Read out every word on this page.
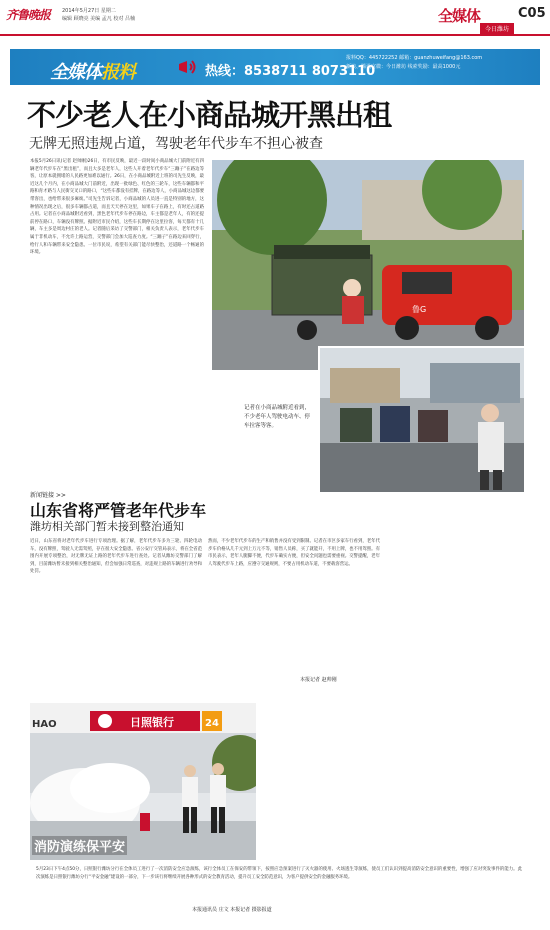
齐鲁晚报	2014年5月27日 星期二
编辑 顾晓亮 美编 孟凡 校对 吕楠	全媒体	C05
今日潍坊
全媒体报料	热线：8538711 8073110
报料QQ：445722252 邮箱：guanzhuweifang@163.com
新浪、腾讯官微：今日潍坊 线索奖励：最高1000元
不少老人在小商品城开黑出租
无牌无照违规占道，驾驶老年代步车不担心被查
本报5月26日讯(记者 赵帅刚)26日，有市民反映，最近一段时间小商品城大门前附近有四辆老年代步车在“黑出租”，而且大多是老年人，这些人开着老年代步车“三蹦子”在路边等客，让原本就拥堵的人民路更加难以通行。26日，在小商品城附近上班的司先生反映，最近这几个月内，在小商品城大门前附近，出现一批绿色、红色的三轮车，这些车辆都和平路和育才路与人民街交叉口的路口，“这些车都没有挂牌，在路边等人，小商品城这边都要带客出，也给带来很多麻烦。”司先生告诉记者，小商品城的人员进一直是特别的地方，这种情况出现之后，很多车辆都占道，而且天天停在这里，如果车子在路上，有时还占道路占用。记者在小商品城附近看到，黑色老年代步车停在路边，车主都是老年人，有的还提前停在路口，车辆没有牌照。据附近市民介绍，这些车长期停在这里拉客，每天都有十几辆，车主多是周边村庄的老人。记者随后采访了交警部门，相关负责人表示，老年代步车属于非机动车，不允许上路运营，交警部门会加大巡查力度。“三蹦子”在路边来回穿行，给行人和车辆带来安全隐患。一位市民说，希望有关部门能尽快整治，还道路一个畅通的环境。
鲁G
记者在小商品城附近看到，不少老年人驾驶电动车、停车拉客等客。
新闻链接 >>
山东省将严管老年代步车
潍坊相关部门暂未接到整治通知
近日，山东省将对老年代步车进行专项治理。据了解，老年代步车多为三轮、四轮电动车，没有牌照，驾驶人无需驾照，存在很大安全隐患。省公安厅交管局表示，将在全省范围内开展专项整治，对无牌无证上路的老年代步车进行查处。记者从潍坊交警部门了解到，目前潍坊暂未接到相关整治通知，但会加强日常巡查，对违规上路的车辆进行劝导和处罚。
然而，不少老年代步车的生产和销售并没有受到限制。记者在市区多家车行看到，老年代步车价格从几千元到上万元不等，销售人员称，买了就能开，不用上牌，也不用驾照。有市民表示，老年人腿脚不便，代步车确实方便，但安全问题也需要重视。交警提醒，老年人驾驶代步车上路，应遵守交通规则，不要占用机动车道，不要载客营运。
本报记者 赵帅刚
日照银行	24
HAO
消防演练保平安
5月23日下午4点50分，日照银行潍坊分行在全体员工进行了一次消防安全应急演练，该行全体员工在保安的带领下，按照应急预案进行了灭火器的使用、火场逃生等演练，使员工们认识到提高消防安全意识的重要性，增强了应对突发事件的能力。此次演练是日照银行潍坊分行“平安金融”建设的一部分，下一步该行将继续开展各种形式的安全教育活动，提升员工安全防范意识，为客户提供安全的金融服务环境。
本报通讯员 庄文 本报记者 摄影报道
